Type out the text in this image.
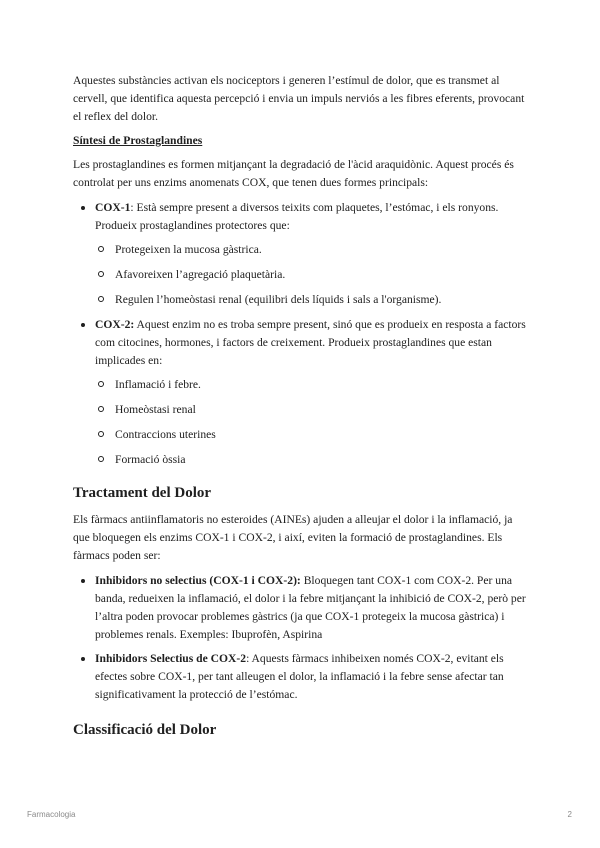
Aquestes substàncies activan els nociceptors i generen l’estímul de dolor, que es transmet al cervell, que identifica aquesta percepció i envia un impuls nerviós a les fibres eferents, provocant el reflex del dolor.

Síntesi de Prostaglandines

Les prostaglandines es formen mitjançant la degradació de l'àcid araquidònic. Aquest procés és controlat per uns enzims anomenats COX, que tenen dues formes principals:

COX-1: Està sempre present a diversos teixits com plaquetes, l’estómac, i els ronyons. Produeix prostaglandines protectores que:
Protegeixen la mucosa gàstrica.
Afavoreixen l’agregació plaquetària.
Regulen l’homeòstasi renal (equilibri dels líquids i sals a l'organisme).
COX-2: Aquest enzim no es troba sempre present, sinó que es produeix en resposta a factors com citocines, hormones, i factors de creixement. Produeix prostaglandines que estan implicades en:
Inflamació i febre.
Homeòstasi renal
Contraccions uterines
Formació òssia
Tractament del Dolor

Els fàrmacs antiinflamatoris no esteroides (AINEs) ajuden a alleujar el dolor i la inflamació, ja que bloquegen els enzims COX-1 i COX-2, i així, eviten la formació de prostaglandines. Els fàrmacs poden ser:

Inhibidors no selectius (COX-1 i COX-2): Bloquegen tant COX-1 com COX-2. Per una banda, redueixen la inflamació, el dolor i la febre mitjançant la inhibició de COX-2, però per l’altra poden provocar problemes gàstrics (ja que COX-1 protegeix la mucosa gàstrica) i problemes renals. Exemples: Ibuprofèn, Aspirina
Inhibidors Selectius de COX-2: Aquests fàrmacs inhibeixen només COX-2, evitant els efectes sobre COX-1, per tant alleugen el dolor, la inflamació i la febre sense afectar tan significativament la protecció de l’estómac.
Classificació del Dolor
Farmacologia	2
